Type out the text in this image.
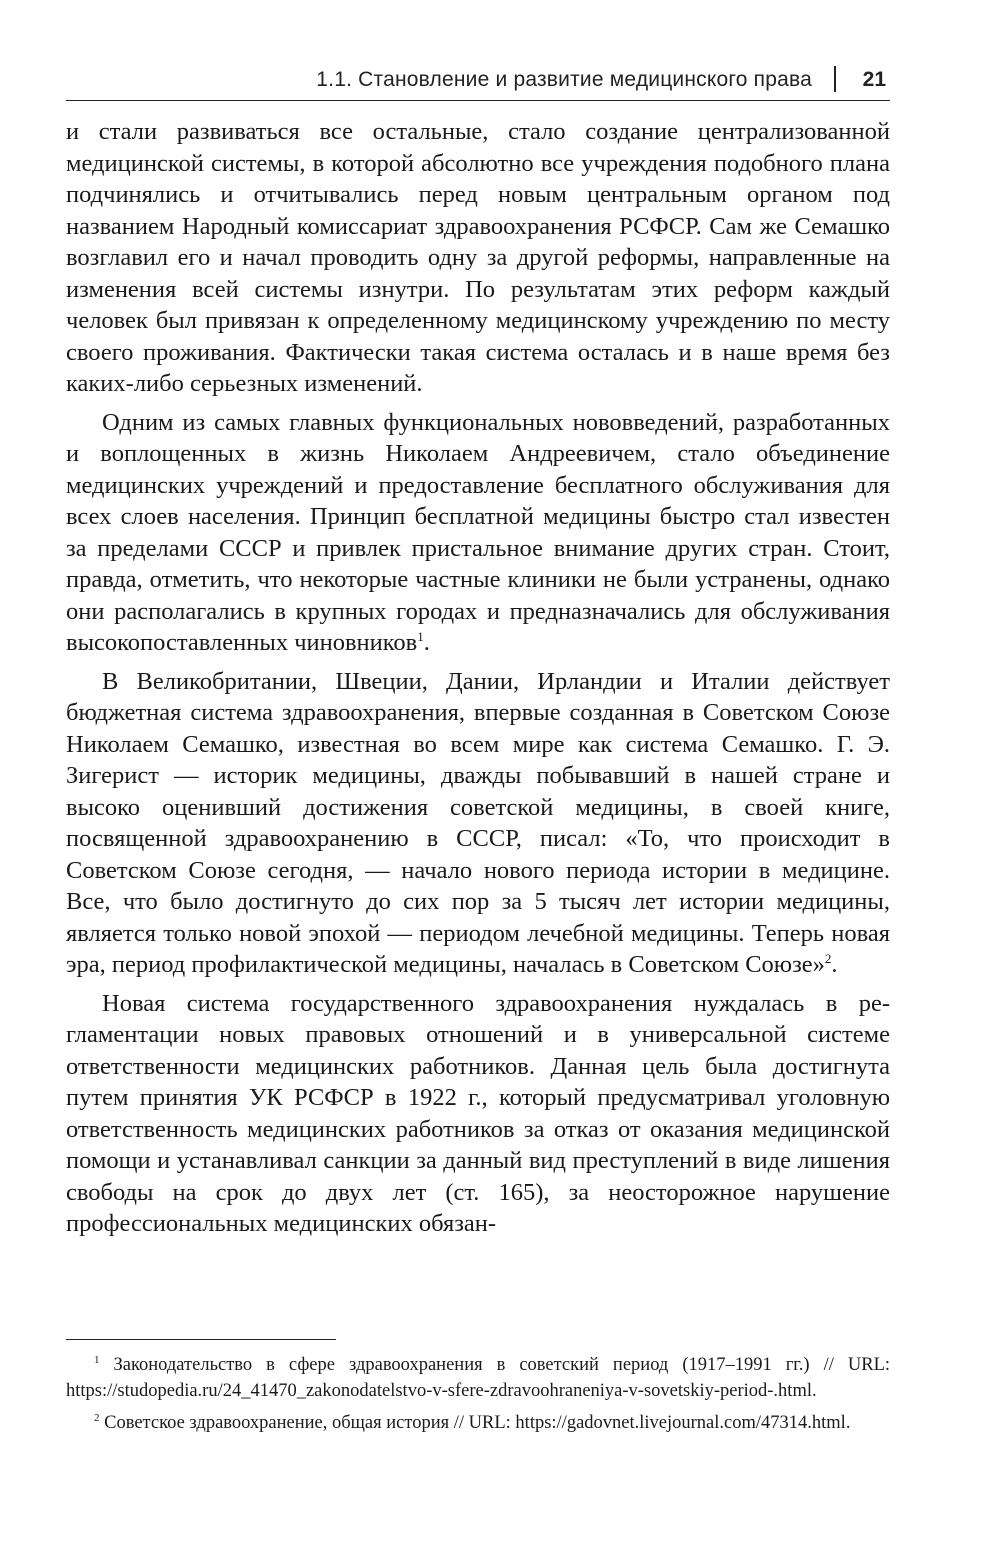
1.1. Становление и развитие медицинского права 21

и стали развиваться все остальные, стало создание централизованной медицинской системы, в которой абсолютно все учреждения подобного плана подчинялись и отчитывались перед новым центральным органом под названием Народный комиссариат здравоохранения РСФСР. Сам же Семашко возглавил его и начал проводить одну за другой реформы, направленные на изменения всей системы изнутри. По результатам этих реформ каждый человек был привязан к определенному медицинскому учреждению по месту своего проживания. Фактически такая система осталась и в наше время без каких-либо серьезных изменений.

Одним из самых главных функциональных нововведений, разработанных и воплощенных в жизнь Николаем Андреевичем, стало объединение медицинских учреждений и предоставление бесплатного обслуживания для всех слоев населения. Принцип бесплатной медицины быстро стал известен за пределами СССР и привлек пристальное внимание других стран. Стоит, правда, отметить, что некоторые частные клиники не были устранены, однако они располагались в крупных городах и предназначались для обслуживания высокопоставленных чиновников$^1$.

В Великобритании, Швеции, Дании, Ирландии и Италии действует бюджетная система здравоохранения, впервые созданная в Советском Союзе Николаем Семашко, известная во всем мире как система Семашко. Г. Э. Зигерист — историк медицины, дважды побывавший в нашей стране и высоко оценивший достижения советской медицины, в своей книге, посвященной здравоохранению в СССР, писал: «То, что происходит в Советском Союзе сегодня, — начало нового периода истории в медицине. Все, что было достигнуто до сих пор за 5 тысяч лет истории медицины, является только новой эпохой — периодом лечебной медицины. Теперь новая эра, период профилактической медицины, началась в Советском Союзе»$^2$.

Новая система государственного здравоохранения нуждалась в регламентации новых правовых отношений и в универсальной системе ответственности медицинских работников. Данная цель была достигнута путем принятия УК РСФСР в 1922 г., который предусматривал уголовную ответственность медицинских работников за отказ от оказания медицинской помощи и устанавливал санкции за данный вид преступлений в виде лишения свободы на срок до двух лет (ст. 165), за неосторожное нарушение профессиональных медицинских обязан-

$^1$ Законодательство в сфере здравоохранения в советский период (1917–1991 гг.) // URL: https://studopedia.ru/24_41470_zakonodatelstvo-v-sfere-zdravoohraneniya-v-sovetskiy-period-.html.

$^2$ Советское здравоохранение, общая история // URL: https://gadovnet.livejournal.com/47314.html.
